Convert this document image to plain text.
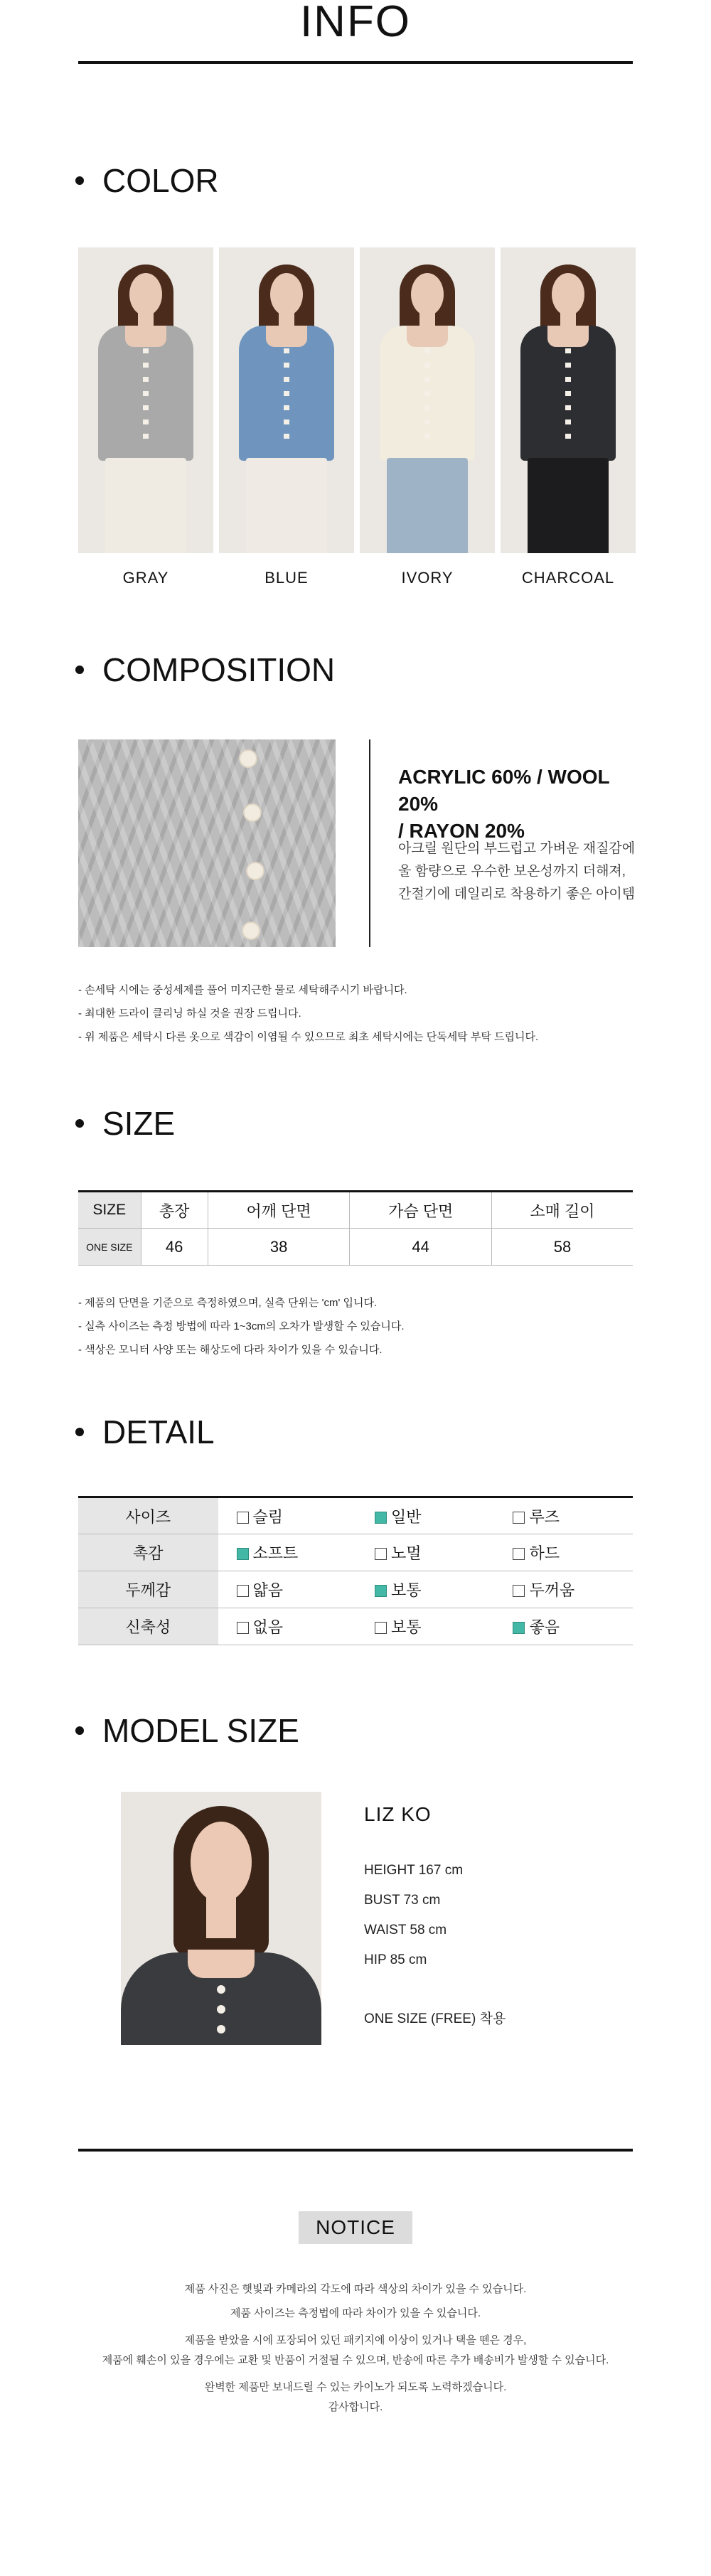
INFO
COLOR
GRAY	BLUE	IVORY	CHARCOAL
COMPOSITION
ACRYLIC 60% / WOOL 20%
/ RAYON 20%
아크릴 원단의 부드럽고 가벼운 재질감에
울 함량으로 우수한 보온성까지 더해져,
간절기에 데일리로 착용하기 좋은 아이템
- 손세탁 시에는 중성세제를 풀어 미지근한 물로 세탁해주시기 바랍니다.
- 최대한 드라이 클리닝 하실 것을 권장 드립니다.
- 위 제품은 세탁시 다른 옷으로 색감이 이염될 수 있으므로 최초 세탁시에는 단독세탁 부탁 드립니다.
SIZE
SIZE	총장	어깨 단면	가슴 단면	소매 길이
ONE SIZE	46	38	44	58
- 제품의 단면을 기준으로 측정하였으며, 실측 단위는 'cm' 입니다.
- 실측 사이즈는 측정 방법에 따라 1~3cm의 오차가 발생할 수 있습니다.
- 색상은 모니터 사양 또는 해상도에 다라 차이가 있을 수 있습니다.
DETAIL
사이즈	슬림	일반	루즈
촉감	소프트	노멀	하드
두께감	얇음	보통	두꺼움
신축성	없음	보통	좋음
MODEL SIZE
LIZ KO
HEIGHT 167 cm
BUST 73 cm
WAIST 58 cm
HIP 85 cm
ONE SIZE (FREE) 착용
NOTICE
제품 사진은 햇빛과 카메라의 각도에 따라 색상의 차이가 있을 수 있습니다.
제품 사이즈는 측정법에 따라 차이가 있을 수 있습니다.
제품을 받았을 시에 포장되어 있던 패키지에 이상이 있거나 택을 뗀은 경우,
제품에 훼손이 있을 경우에는 교환 및 반품이 거절될 수 있으며, 반송에 따른 추가 배송비가 발생할 수 있습니다.
완벽한 제품만 보내드릴 수 있는 카이노가 되도록 노력하겠습니다.
감사합니다.
